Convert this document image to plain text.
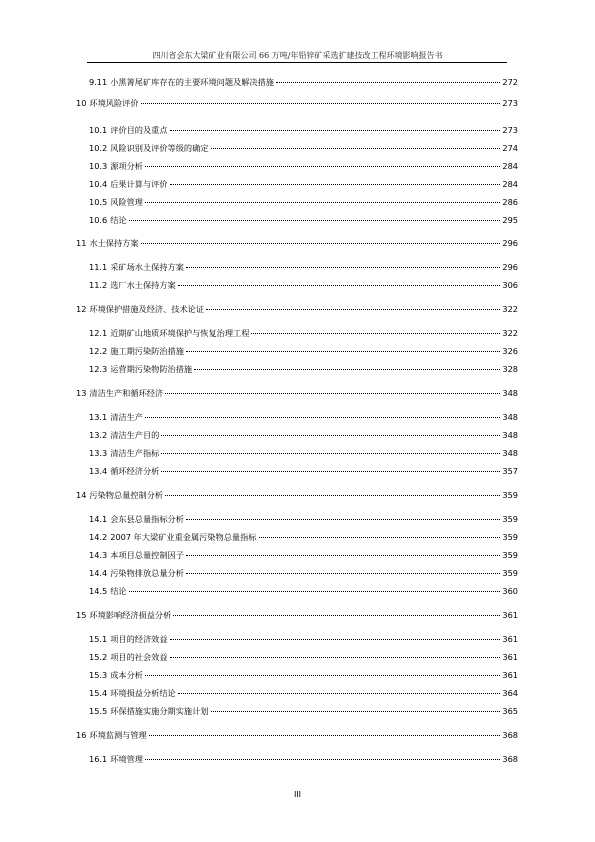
四川省会东大梁矿业有限公司 66 万吨/年铅锌矿采选扩建技改工程环境影响报告书
9.11 小黑箐尾矿库存在的主要环境问题及解决措施	272
10 环境风险评价	273
10.1 评价目的及重点	273
10.2 风险识别及评价等级的确定	274
10.3 源项分析	284
10.4 后果计算与评价	284
10.5 风险管理	286
10.6 结论	295
11 水土保持方案	296
11.1 采矿场水土保持方案	296
11.2 选厂水土保持方案	306
12 环境保护措施及经济、技术论证	322
12.1 近期矿山地质环境保护与恢复治理工程	322
12.2 施工期污染防治措施	326
12.3 运营期污染物防治措施	328
13 清洁生产和循环经济	348
13.1 清洁生产	348
13.2 清洁生产目的	348
13.3 清洁生产指标	348
13.4 循环经济分析	357
14 污染物总量控制分析	359
14.1 会东县总量指标分析	359
14.2 2007 年大梁矿业重金属污染物总量指标	359
14.3 本项目总量控制因子	359
14.4 污染物排放总量分析	359
14.5 结论	360
15 环境影响经济损益分析	361
15.1 项目的经济效益	361
15.2 项目的社会效益	361
15.3 成本分析	361
15.4 环境损益分析结论	364
15.5 环保措施实施分期实施计划	365
16 环境监测与管理	368
16.1 环境管理	368
III
